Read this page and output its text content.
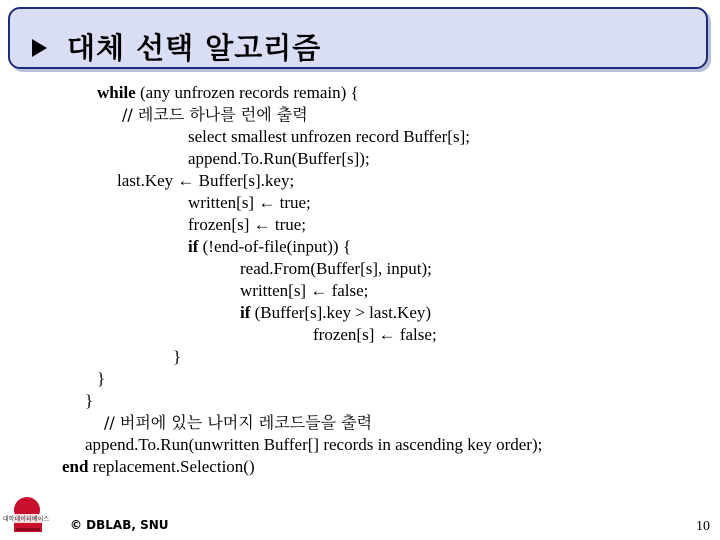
대체 선택 알고리즘
while (any unfrozen records remain) {
// 레코드 하나를 런에 출력
select smallest unfrozen record Buffer[s];
append.To.Run(Buffer[s]);
last.Key ← Buffer[s].key;
written[s] ← true;
frozen[s] ← true;
if (!end-of-file(input)) {
read.From(Buffer[s], input);
written[s] ← false;
if (Buffer[s].key > last.Key)
frozen[s] ← false;
}
}
}
// 버퍼에 있는 나머지 레코드들을 출력
append.To.Run(unwritten Buffer[] records in ascending key order);
end replacement.Selection()
대학데이터베이스 © DBLAB, SNU	10
